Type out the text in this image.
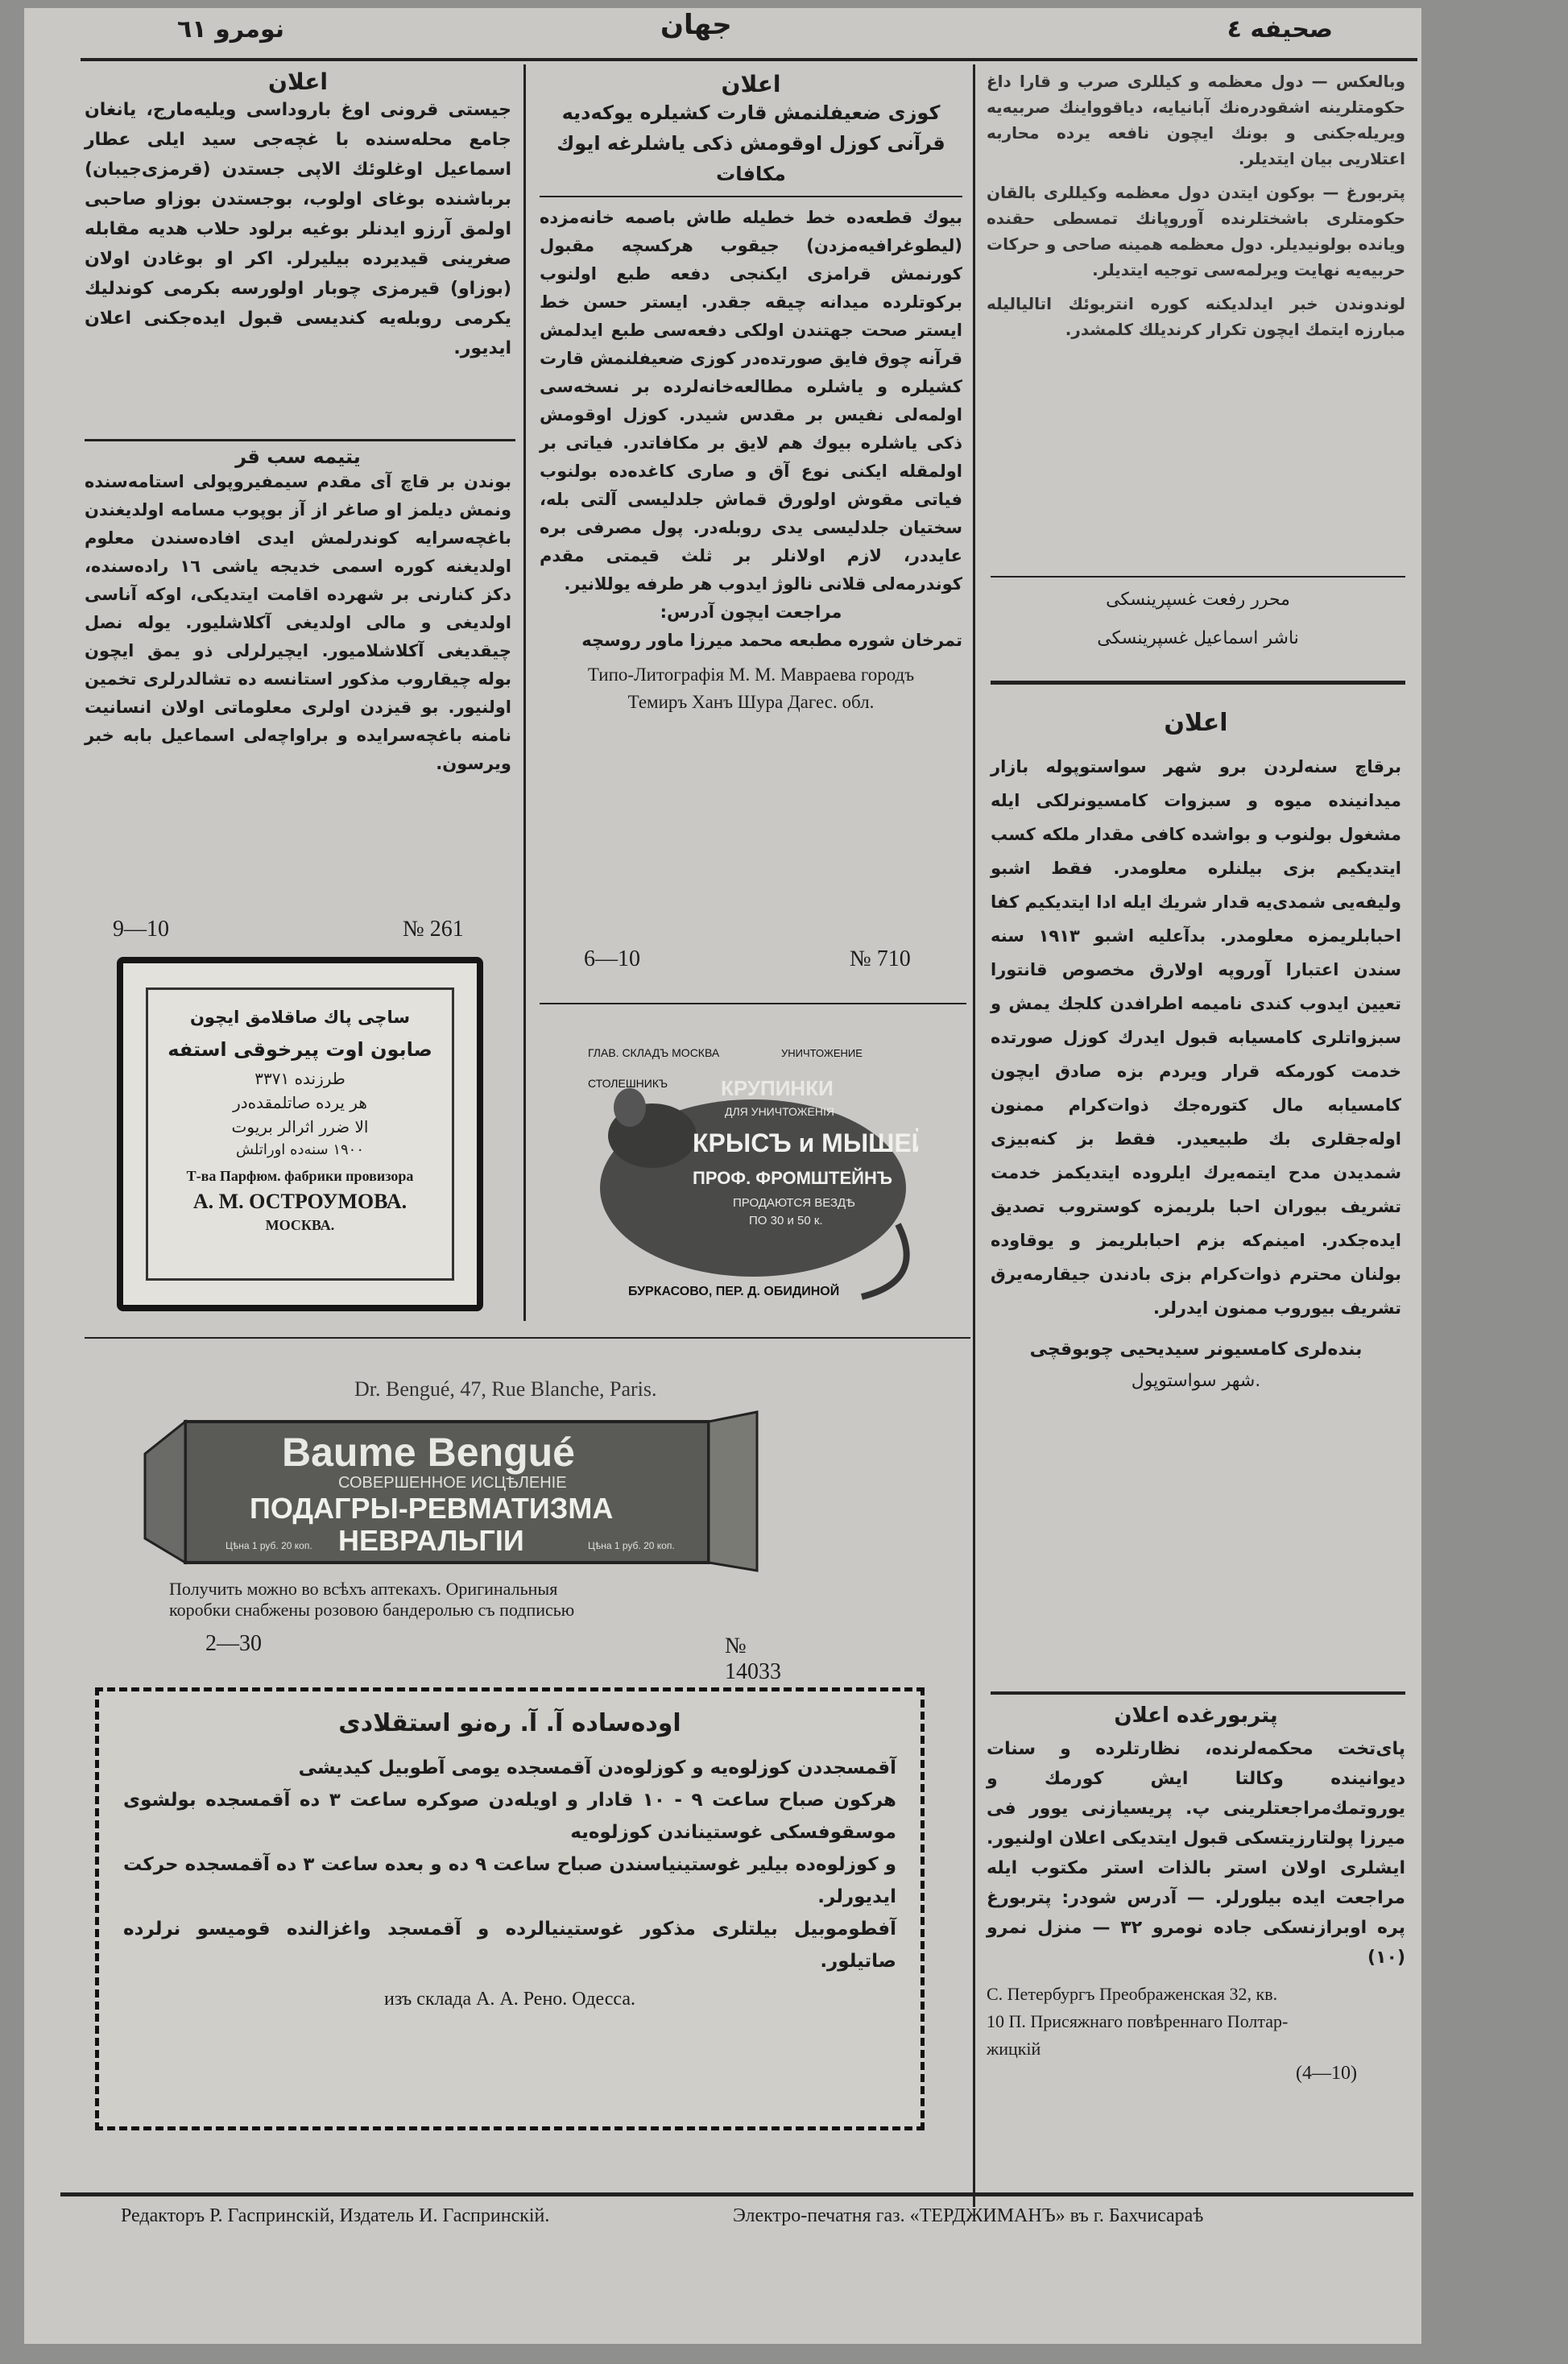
نومرو ٦١	جهان	صحیفه ٤
اعلان
جیستی قرونی اوغ باروداسی ویلیه‌مارج، یانغان جامع محله‌سنده با غچه‌جی سید ایلی عطار اسماعیل اوغلوئك الاپی جستدن (قرمزی‌جیبان) برباشنده بوغای اولوب، بوجستدن بوزاو صاحبی اولمق آرزو ایدنلر بوغیه برلود حلاب هدیه مقابله‌ صغرینی قیدیرده بیلیرلر. اکر او بوغادن اولان (بوزاو) قیرمزی چوبار اولورسه بکرمی کوندلیك یکرمی روبله‌یه کندیسی قبول ایده‌جکنی اعلان ایدیور.
یتیمه سب قر
بوندن بر قاچ آی مقدم سیمفیروپولی استامه‌سنده ونمش دیلمز او صاغر از آز بوپوب مسامه اولدیغندن باغچه‌سرایه کوندرلمش ایدی افاده‌سندن معلوم اولدیغنه کوره اسمی خدیجه یاشی ١٦ راده‌سنده، دکز کنارنی بر شهرده اقامت ایتدیکی، اوکه آناسی اولدیغی و مالی اولدیغی آکلاشلیور. یوله نصل چیقدیغی آکلاشلامیور. ایچیرلرلی ذو یمق ایچون بوله چیقاروب مذکور استانسه ده تشالدرلری تخمین اولنیور. بو قیزدن اولری معلوماتی اولان انسانیت نامنه باغچه‌سرایده و براواچه‌لی اسماعیل بابه خبر ویرسون.
9—10	№ 261
ساچی پاك صاقلامق ایچون
صابون اوت پیرخوقی استفه
طرزنده ٣٣٧١
هر یرده صاتلمقده‌در
الا ضرر اثرالر بریوت
١٩٠٠ سنه‌ده اوراتلش
Т-ва Парфюм. фабрики провизора
А. М. ОСТРОУМОВА.
МОСКВА.
اعلان
کوزی ضعیفلنمش قارت کشیلره یوکه‌دیه قرآنی کوزل اوقومش ذکی یاشلرغه ایوك مکافات
بیوك قطعه‌ده خط خطیله طاش باصمه خانه‌مزده (لیطوغرافیه‌مزدن) جیقوب هرکسچه مقبول کورنمش قرامزی ایکنجی دفعه طبع اولنوب برکوتلرده میدانه چیقه جقدر. ایستر حسن خط ایستر صحت جهتندن اولکی دفعه‌سی طبع ایدلمش قرآنه چوق فایق صورتده‌در کوزی ضعیفلنمش قارت کشیلره و یاشلره مطالعه‌خانه‌لرده بر نسخه‌سی اولمه‌لی نفیس بر مقدس شیدر. کوزل اوقومش ذکی یاشلره بیوك هم لایق بر مکافاتدر. فیاتی بر اولمقله ایکنی نوع آق و صاری کاغده‌ده بولنوب فیاتی مقوش اولورق قماش جلدلیسی آلتی بله، سختیان جلدلیسی یدی روبله‌در. پول مصرفی بره عایددر، لازم اولانلر بر ثلث قیمتی مقدم کوندرمه‌لی قلانی نالوژ ایدوب هر طرفه یوللانیر.
مراجعت ایچون آدرس:
تمرخان شوره مطبعه محمد میرزا ماور روسچه
Типо-Литографія М. М. Мавраева городъ
Темиръ Ханъ Шура Дагес. обл.
6—10	№ 710
ГЛАВ. СКЛАДЪ МОСКВА	УНИЧТОЖЕНИЕ
СТОЛЕШНИКЪ	КРУПИНКИ
ДЛЯ УНИЧТОЖЕНІЯ
КРЫСЪ и МЫШЕЙ
ПРОФ. ФРОМШТЕЙНЪ
ПРОДАЮТСЯ ВЕЗДѢ
ПО 30 и 50 к.
БУРКАСОВО, ПЕР. Д. ОБИДИНОЙ
Dr. Bengué, 47, Rue Blanche, Paris.
Baume Bengué
СОВЕРШЕННОЕ ИСЦѢЛЕНІЕ
ПОДАГРЫ-РЕВМАТИЗМА
НЕВРАЛЬГІИ
Цѣна 1 руб. 20 коп.	Цѣна 1 руб. 20 коп.
Получить можно во всѣхъ аптекахъ. Оригинальныя
коробки снабжены розовою бандеролью съ подписью
2—30	№ 14033
اوده‌ساده آ. آ. رەنو استقلادی
آقمسجددن کوزلوه‌یه و کوزلوه‌دن آقمسجده یومی آطوبیل کیدیشی
هرکون صباح ساعت ٩ - ١٠ قادار و اویله‌دن صوکره ساعت ٣ ده آقمسجده بولشوی موسقوفسکی غوستیناندن کوزلوه‌یه
و کوزلوه‌ده بیلیر غوستینیاسندن صباح ساعت ٩ ده و بعده ساعت ٣ ده آقمسجده حرکت ایدیورلر.
آفطوموبیل بیلتلری مذکور غوستینیالرده و آقمسجد واغزالنده قومیسو نرلرده صاتیلور.
изъ склада А. А. Рено. Одесса.
وبالعکس — دول معظمه و کیللری صرب و قارا داغ حکومتلرینه اشقودره‌نك آبانیایه، دیاقوواینك صربیه‌یه ویریله‌جکنی و بونك ایچون نافعه یرده محاربه اعتلاریی بیان ایتدیلر.
پتربورغ — بوکون ایتدن دول معظمه وکیللری بالقان حکومتلری باشختلرنده آوروپانك تمسطی حقنده ویانده بولونیدیلر. دول معظمه همینه صاحی و حرکات حربیه‌یه نهایت ویرلمه‌سی توجیه ایتدیلر.
لوندوندن خبر ایدلدیکنه کوره انتربوئك اتالیالیله‌ مبارزه ایتمك ایچون تکرار کرندیلك کلمشدر.
محرر رفعت غسپرینسکی
ناشر اسماعیل غسپرینسکی
اعلان
برقاچ سنه‌لردن برو شهر سواستوپوله بازار میدانینده میوه و سبزوات کامسیونرلکی ایله مشغول بولنوب و بواشده کافی مقدار ملکه کسب ایتدیکیم بزی بیلنلره معلومدر. فقط اشبو ولیفه‌یی شمدی‌یه قدار شریك ایله ادا ایتدیکیم کفا احبابلریمزه معلومدر. بدآعلیه اشبو ١٩١٣ سنه سندن اعتبارا آوروپه اولارق مخصوص قانتورا تعیین ایدوب کندی نامیمه اطرافدن کلجك یمش و سبزواتلری کامسیابه قبول ایدرك کوزل صورتده خدمت کورمکه قرار ویردم بزه صادق ایچون کامسیابه مال کتوره‌جك ذوات‌کرام ممنون اوله‌جقلری بك طبیعیدر. فقط بز کنه‌بیزی شمدیدن مدح ایتمه‌یرك ایلروده ایتدیکمز خدمت تشریف بیوران احبا بلریمزه کوستروب تصدیق ایده‌جکدر. امینم‌که بزم احبابلریمز و یوقاوده بولنان محترم ذوات‌کرام بزی بادندن جیقارمه‌یرق تشریف بیوروب ممنون ایدرلر.
بنده‌لری کامسیونر سیدیحیی چوبوقچی
شهر سواستوپول.
پتربورغده اعلان
پای‌تخت محکمه‌لرنده، نظارتلرده و سنات دیوانینده وکالتا ایش کورمك و یوروتمك‌مراجعتلرینی پ. پریسیازنی یوور فی میرزا پولتارزیتسکی قبول ایتدیکی اعلان اولنیور. ایشلری اولان استر بالذات استر مکتوب ایله مراجعت ایده بیلورلر. — آدرس شودر: پتربورغ پره اوبرازنسکی جاده نومرو ٣٢ — منزل نمرو (١٠)
С. Петербургъ Преображенская 32, кв.
10 П. Присяжнаго повѣреннаго Полтар-
жицкій
(4—10)
Редакторъ Р. Гаспринскій, Издатель И. Гаспринскій.	Электро-печатня газ. «ТЕРДЖИМАНЪ» въ г. Бахчисараѣ
